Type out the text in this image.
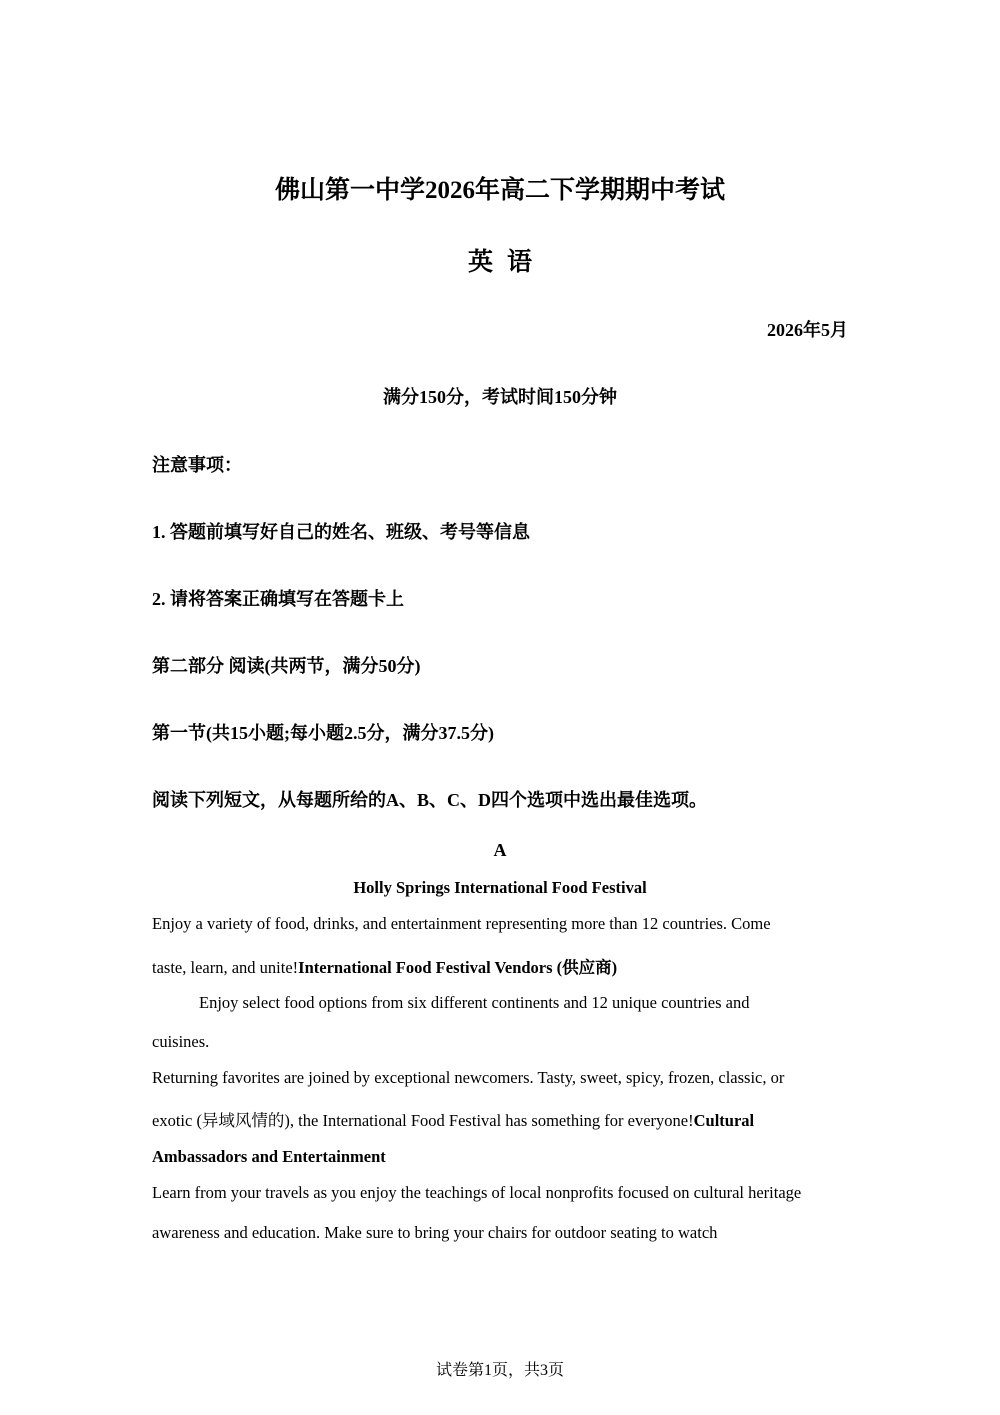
佛山第一中学2026年高二下学期期中考试
英语
2026年5月
满分150分，考试时间150分钟
注意事项：
1. 答题前填写好自己的姓名、班级、考号等信息
2. 请将答案正确填写在答题卡上
第二部分 阅读(共两节，满分50分)
第一节(共15小题;每小题2.5分，满分37.5分)
阅读下列短文，从每题所给的A、B、C、D四个选项中选出最佳选项。
A
Holly Springs International Food Festival
Enjoy a variety of food, drinks, and entertainment representing more than 12 countries. Come
taste, learn, and unite!International Food Festival Vendors (供应商)
Enjoy select food options from six different continents and 12 unique countries and
cuisines.
Returning favorites are joined by exceptional newcomers. Tasty, sweet, spicy, frozen, classic, or
exotic (异域风情的), the International Food Festival has something for everyone!Cultural
Ambassadors and Entertainment
Learn from your travels as you enjoy the teachings of local nonprofits focused on cultural heritage
awareness and education. Make sure to bring your chairs for outdoor seating to watch
试卷第1页，共3页
